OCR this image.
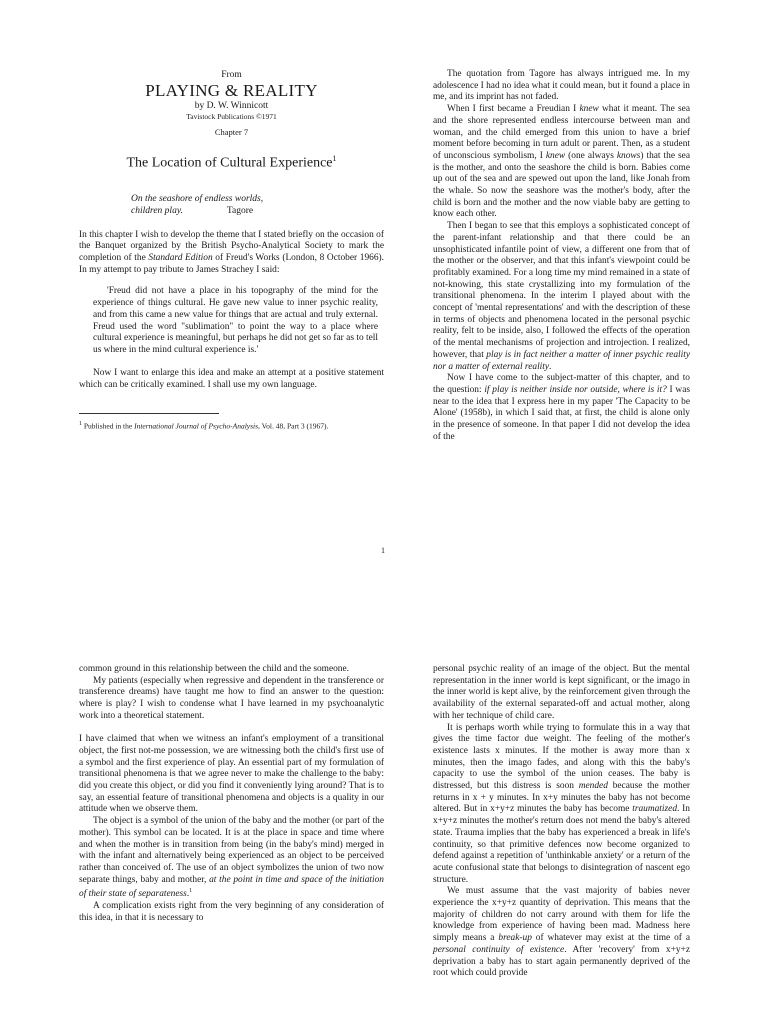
From

PLAYING & REALITY

by D. W. Winnicott

Tavistock Publications ©1971

Chapter 7

The Location of Cultural Experience$^1$

On the seashore of endless worlds,
children play.	Tagore

In this chapter I wish to develop the theme that I stated briefly on the occasion of the Banquet organized by the British Psycho-Analytical Society to mark the completion of the Standard Edition of Freud's Works (London, 8 October 1966). In my attempt to pay tribute to James Strachey I said:

'Freud did not have a place in his topography of the mind for the experience of things cultural. He gave new value to inner psychic reality, and from this came a new value for things that are actual and truly external. Freud used the word "sublimation" to point the way to a place where cultural experience is meaningful, but perhaps he did not get so far as to tell us where in the mind cultural experience is.'

Now I want to enlarge this idea and make an attempt at a positive statement which can be critically examined. I shall use my own language.

$^1$ Published in the International Journal of Psycho-Analysis, Vol. 48, Part 3 (1967).

The quotation from Tagore has always intrigued me. In my adolescence I had no idea what it could mean, but it found a place in me, and its imprint has not faded.

When I first became a Freudian I knew what it meant. The sea and the shore represented endless intercourse between man and woman, and the child emerged from this union to have a brief moment before becoming in turn adult or parent. Then, as a student of unconscious symbolism, I knew (one always knows) that the sea is the mother, and onto the seashore the child is born. Babies come up out of the sea and are spewed out upon the land, like Jonah from the whale. So now the seashore was the mother's body, after the child is born and the mother and the now viable baby are getting to know each other.

Then I began to see that this employs a sophisticated concept of the parent-infant relationship and that there could be an unsophisticated infantile point of view, a different one from that of the mother or the observer, and that this infant's viewpoint could be profitably examined. For a long time my mind remained in a state of not-knowing, this state crystallizing into my formulation of the transitional phenomena. In the interim I played about with the concept of 'mental representations' and with the description of these in terms of objects and phenomena located in the personal psychic reality, felt to be inside, also, I followed the effects of the operation of the mental mechanisms of projection and introjection. I realized, however, that play is in fact neither a matter of inner psychic reality nor a matter of external reality.

Now I have come to the subject-matter of this chapter, and to the question: if play is neither inside nor outside, where is it? I was near to the idea that I express here in my paper 'The Capacity to be Alone' (1958b), in which I said that, at first, the child is alone only in the presence of someone. In that paper I did not develop the idea of the

1

common ground in this relationship between the child and the someone.

My patients (especially when regressive and dependent in the transference or transference dreams) have taught me how to find an answer to the question: where is play? I wish to condense what I have learned in my psychoanalytic work into a theoretical statement.

I have claimed that when we witness an infant's employment of a transitional object, the first not-me possession, we are witnessing both the child's first use of a symbol and the first experience of play. An essential part of my formulation of transitional phenomena is that we agree never to make the challenge to the baby: did you create this object, or did you find it conveniently lying around? That is to say, an essential feature of transitional phenomena and objects is a quality in our attitude when we observe them.

The object is a symbol of the union of the baby and the mother (or part of the mother). This symbol can be located. It is at the place in space and time where and when the mother is in transition from being (in the baby's mind) merged in with the infant and alternatively being experienced as an object to be perceived rather than conceived of. The use of an object symbolizes the union of two now separate things, baby and mother, at the point in time and space of the initiation of their state of separateness.$^1$

A complication exists right from the very beginning of any consideration of this idea, in that it is necessary to

personal psychic reality of an image of the object. But the mental representation in the inner world is kept significant, or the imago in the inner world is kept alive, by the reinforcement given through the availability of the external separated-off and actual mother, along with her technique of child care.

It is perhaps worth while trying to formulate this in a way that gives the time factor due weight. The feeling of the mother's existence lasts x minutes. If the mother is away more than x minutes, then the imago fades, and along with this the baby's capacity to use the symbol of the union ceases. The baby is distressed, but this distress is soon mended because the mother returns in x + y minutes. In x+y minutes the baby has not become altered. But in x+y+z minutes the baby has become traumatized. In x+y+z minutes the mother's return does not mend the baby's altered state. Trauma implies that the baby has experienced a break in life's continuity, so that primitive defences now become organized to defend against a repetition of 'unthinkable anxiety' or a return of the acute confusional state that belongs to disintegration of nascent ego structure.

We must assume that the vast majority of babies never experience the x+y+z quantity of deprivation. This means that the majority of children do not carry around with them for life the knowledge from experience of having been mad. Madness here simply means a break-up of whatever may exist at the time of a personal continuity of existence. After 'recovery' from x+y+z deprivation a baby has to start again permanently deprived of the root which could provide
